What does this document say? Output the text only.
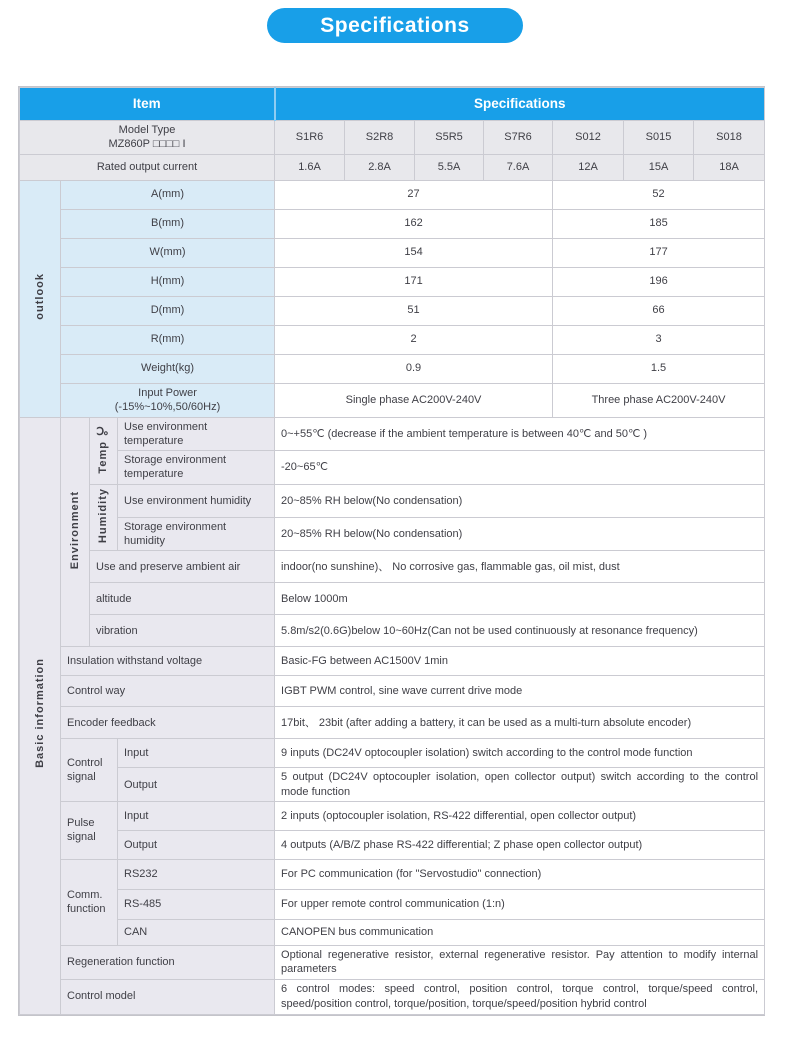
Specifications
Item				Specifications						

Model Type
MZ860P □□□□ I				S1R6	S2R8	S5R5	S7R6	S012	S015	S018
Rated output current				1.6A	2.8A	5.5A	7.6A	12A	15A	18A
outlook	A(mm)			27				52		
	B(mm)			162				185		
	W(mm)			154				177		
	H(mm)			171				196		
	D(mm)			51				66		
	R(mm)			2				3		
	Weight(kg)			0.9				1.5		

	Input Power
(-15%~10%,50/60Hz)			Single phase AC200V-240V				Three phase AC200V-240V		
Basic information	Environment	Temp ℃	Use environment temperature	0~+55℃ (decrease if the ambient temperature is between 40℃ and 50℃ )						
			Storage environment temperature	-20~65℃						
		Humidity	Use environment humidity	20~85% RH below(No condensation)						
			Storage environment humidity	20~85% RH below(No condensation)						
		Use and preserve ambient air		indoor(no sunshine)、 No corrosive gas, flammable gas, oil mist, dust						
		altitude		Below 1000m						
		vibration		5.8m/s2(0.6G)below 10~60Hz(Can not be used continuously at resonance frequency)						
	Insulation withstand voltage			Basic-FG between AC1500V 1min						
	Control way			IGBT PWM control, sine wave current drive mode						
	Encoder feedback			17bit、 23bit (after adding a battery, it can be used as a multi-turn absolute encoder)						
	Control signal		Input	9 inputs (DC24V optocoupler isolation) switch according to the control mode function						
			Output	5 output (DC24V optocoupler isolation, open collector output) switch according to the control mode function						
	Pulse signal		Input	2 inputs (optocoupler isolation, RS-422 differential, open collector output)						
			Output	4 outputs (A/B/Z phase RS-422 differential; Z phase open collector output)						
	Comm. function		RS232	For PC communication (for "Servostudio" connection)						
			RS-485	For upper remote control communication (1:n)						
			CAN	CANOPEN bus communication						
	Regeneration function			Optional regenerative resistor, external regenerative resistor. Pay attention to modify internal parameters						
	Control model			6 control modes: speed control, position control, torque control, torque/speed control, speed/position control, torque/position, torque/speed/position hybrid control						
